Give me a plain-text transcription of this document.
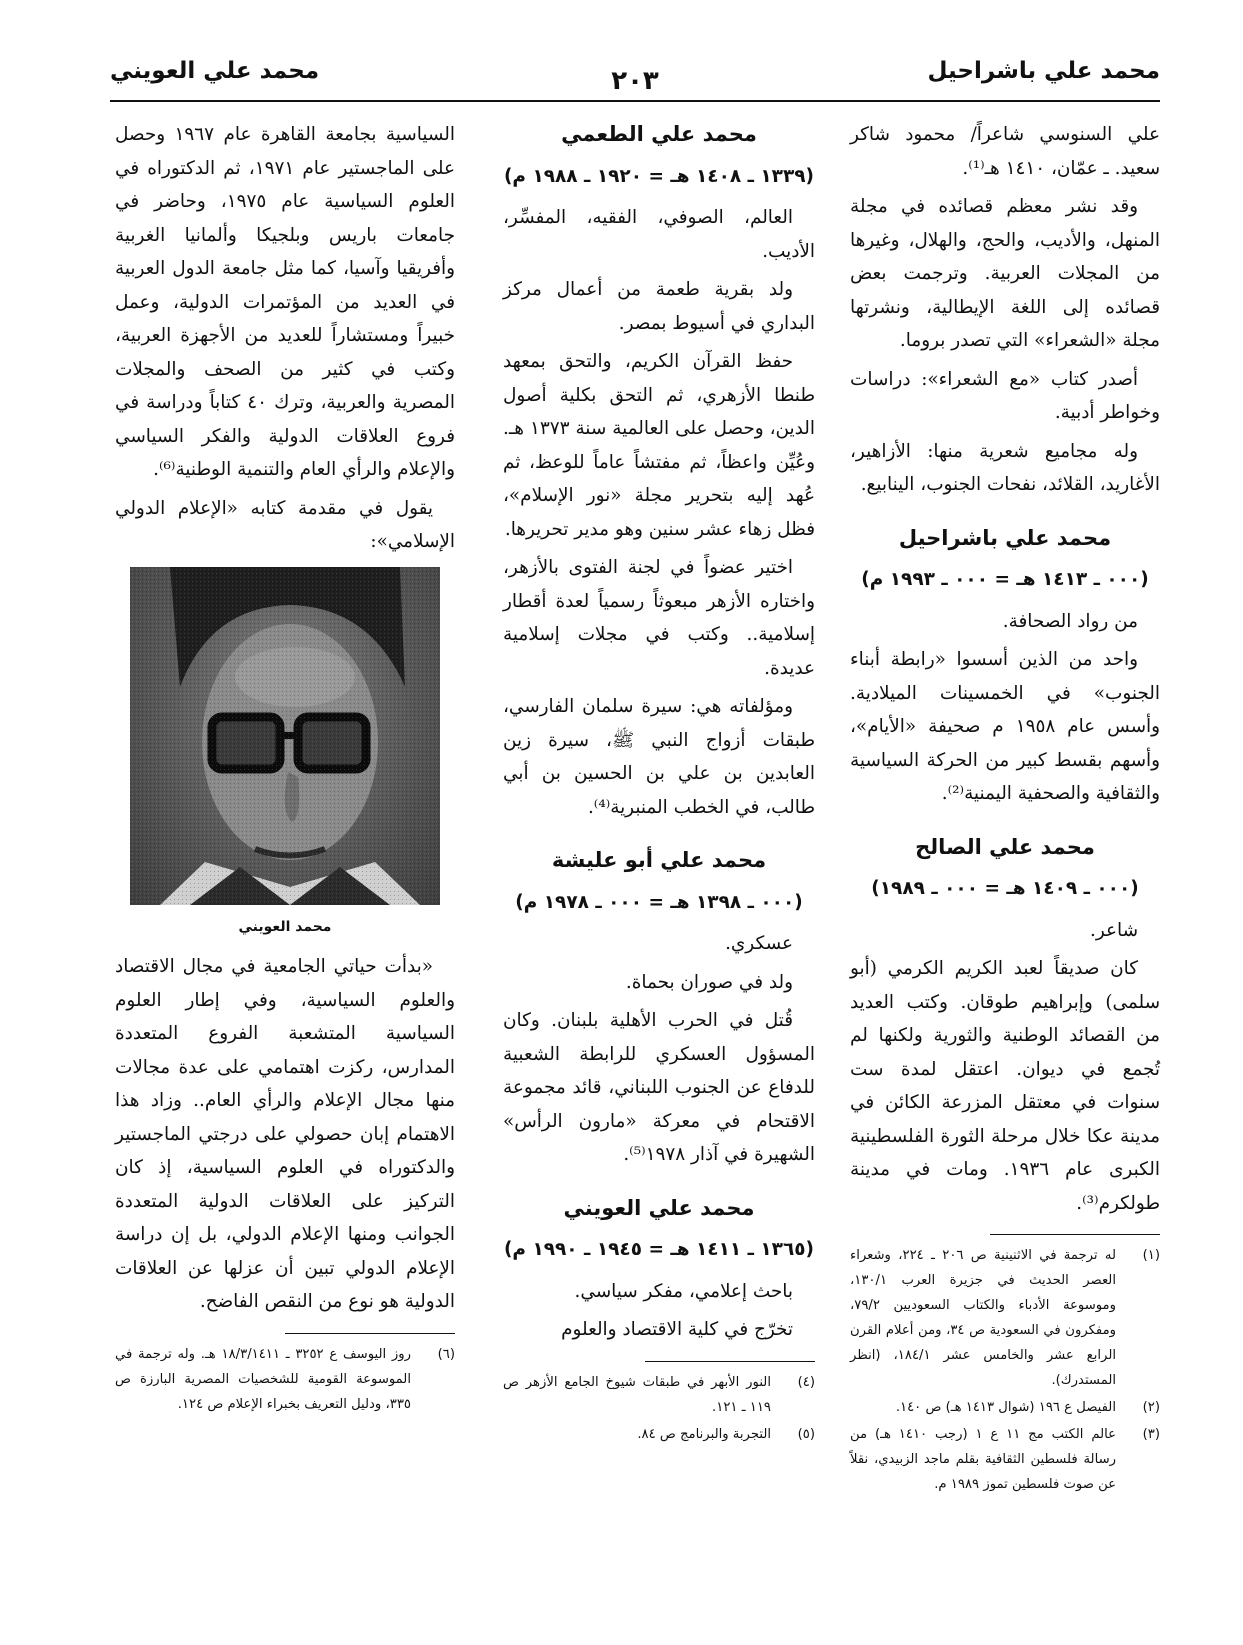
محمد علي باشراحيل
٢٠٣
محمد علي العويني

علي السنوسي شاعراً/ محمود شاكر سعيد. ـ عمّان، ١٤١٠ هـ⁽¹⁾.

وقد نشر معظم قصائده في مجلة المنهل، والأديب، والحج، والهلال، وغيرها من المجلات العربية. وترجمت بعض قصائده إلى اللغة الإيطالية، ونشرتها مجلة «الشعراء» التي تصدر بروما.

أصدر كتاب «مع الشعراء»: دراسات وخواطر أدبية.

وله مجاميع شعرية منها: الأزاهير، الأغاريد، القلائد، نفحات الجنوب، الينابيع.

محمد علي باشراحيل
(٠٠٠ ـ ١٤١٣ هـ = ٠٠٠ ـ ١٩٩٣ م)

من رواد الصحافة.

واحد من الذين أسسوا «رابطة أبناء الجنوب» في الخمسينات الميلادية. وأسس عام ١٩٥٨ م صحيفة «الأيام»، وأسهم بقسط كبير من الحركة السياسية والثقافية والصحفية اليمنية⁽²⁾.

محمد علي الصالح
(٠٠٠ ـ ١٤٠٩ هـ = ٠٠٠ ـ ١٩٨٩)

شاعر.

كان صديقاً لعبد الكريم الكرمي (أبو سلمى) وإبراهيم طوقان. وكتب العديد من القصائد الوطنية والثورية ولكنها لم تُجمع في ديوان. اعتقل لمدة ست سنوات في معتقل المزرعة الكائن في مدينة عكا خلال مرحلة الثورة الفلسطينية الكبرى عام ١٩٣٦. ومات في مدينة طولكرم⁽³⁾.

(١)
له ترجمة في الاثنينية ص ٢٠٦ ـ ٢٢٤، وشعراء العصر الحديث في جزيرة العرب ١٣٠/١، وموسوعة الأدباء والكتاب السعوديين ٧٩/٢، ومفكرون في السعودية ص ٣٤، ومن أعلام القرن الرابع عشر والخامس عشر ١٨٤/١، (انظر المستدرك).
(٢)
الفيصل ع ١٩٦ (شوال ١٤١٣ هـ) ص ١٤٠.
(٣)
عالم الكتب مج ١١ ع ١ (رجب ١٤١٠ هـ) من رسالة فلسطين الثقافية بقلم ماجد الزبيدي، نقلاً عن صوت فلسطين تموز ١٩٨٩ م.
محمد علي الطعمي
(١٣٣٩ ـ ١٤٠٨ هـ = ١٩٢٠ ـ ١٩٨٨ م)

العالم، الصوفي، الفقيه، المفسِّر، الأديب.

ولد بقرية طعمة من أعمال مركز البداري في أسيوط بمصر.

حفظ القرآن الكريم، والتحق بمعهد طنطا الأزهري، ثم التحق بكلية أصول الدين، وحصل على العالمية سنة ١٣٧٣ هـ. وعُيِّن واعظاً، ثم مفتشاً عاماً للوعظ، ثم عُهد إليه بتحرير مجلة «نور الإسلام»، فظل زهاء عشر سنين وهو مدير تحريرها.

اختير عضواً في لجنة الفتوى بالأزهر، واختاره الأزهر مبعوثاً رسمياً لعدة أقطار إسلامية.. وكتب في مجلات إسلامية عديدة.

ومؤلفاته هي: سيرة سلمان الفارسي، طبقات أزواج النبي ﷺ، سيرة زين العابدين بن علي بن الحسين بن أبي طالب، في الخطب المنبرية⁽⁴⁾.

محمد علي أبو عليشة
(٠٠٠ ـ ١٣٩٨ هـ = ٠٠٠ ـ ١٩٧٨ م)

عسكري.

ولد في صوران بحماة.

قُتل في الحرب الأهلية بلبنان. وكان المسؤول العسكري للرابطة الشعبية للدفاع عن الجنوب اللبناني، قائد مجموعة الاقتحام في معركة «مارون الرأس» الشهيرة في آذار ١٩٧٨⁽⁵⁾.

محمد علي العويني
(١٣٦٥ ـ ١٤١١ هـ = ١٩٤٥ ـ ١٩٩٠ م)

باحث إعلامي، مفكر سياسي.

تخرّج في كلية الاقتصاد والعلوم

(٤)
النور الأبهر في طبقات شيوخ الجامع الأزهر ص ١١٩ ـ ١٢١.
(٥)
التجربة والبرنامج ص ٨٤.

السياسية بجامعة القاهرة عام ١٩٦٧ وحصل على الماجستير عام ١٩٧١، ثم الدكتوراه في العلوم السياسية عام ١٩٧٥، وحاضر في جامعات باريس وبلجيكا وألمانيا الغربية وأفريقيا وآسيا، كما مثل جامعة الدول العربية في العديد من المؤتمرات الدولية، وعمل خبيراً ومستشاراً للعديد من الأجهزة العربية، وكتب في كثير من الصحف والمجلات المصرية والعربية، وترك ٤٠ كتاباً ودراسة في فروع العلاقات الدولية والفكر السياسي والإعلام والرأي العام والتنمية الوطنية⁽⁶⁾.

يقول في مقدمة كتابه «الإعلام الدولي الإسلامي»:

محمد العويني

«بدأت حياتي الجامعية في مجال الاقتصاد والعلوم السياسية، وفي إطار العلوم السياسية المتشعبة الفروع المتعددة المدارس، ركزت اهتمامي على عدة مجالات منها مجال الإعلام والرأي العام.. وزاد هذا الاهتمام إبان حصولي على درجتي الماجستير والدكتوراه في العلوم السياسية، إذ كان التركيز على العلاقات الدولية المتعددة الجوانب ومنها الإعلام الدولي، بل إن دراسة الإعلام الدولي تبين أن عزلها عن العلاقات الدولية هو نوع من النقص الفاضح.

(٦)
روز اليوسف ع ٣٢٥٢ ـ ١٨/٣/١٤١١ هـ. وله ترجمة في الموسوعة القومية للشخصيات المصرية البارزة ص ٣٣٥، ودليل التعريف بخبراء الإعلام ص ١٢٤.
